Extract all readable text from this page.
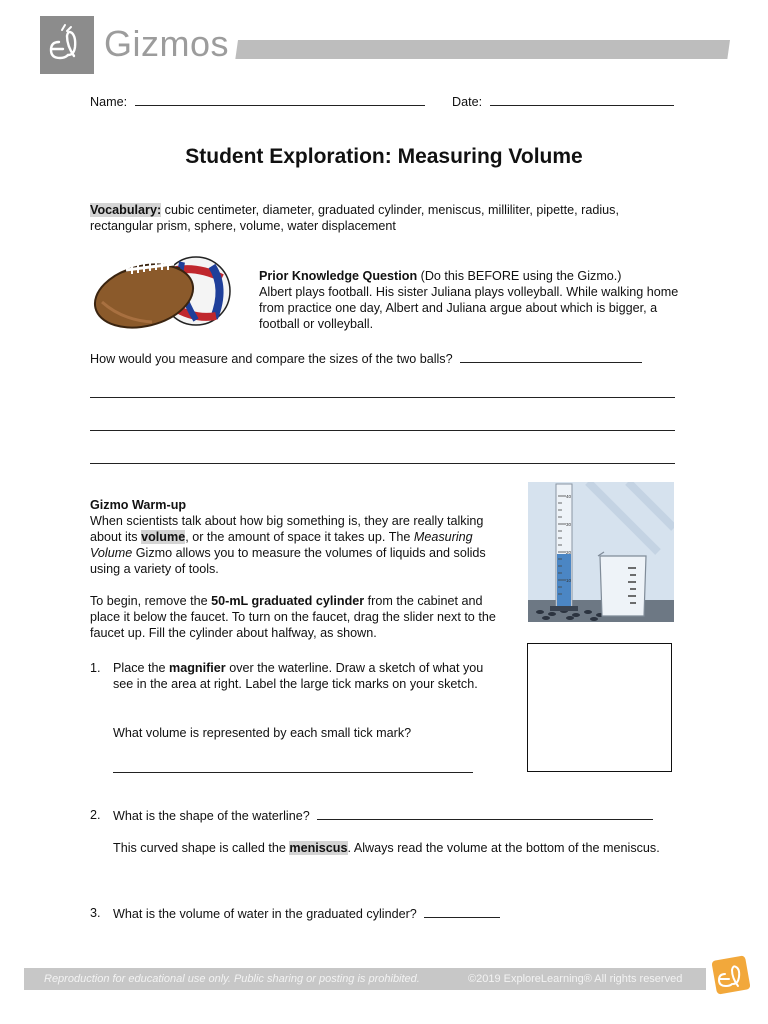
Gizmos
Name:	Date:
Student Exploration: Measuring Volume
Vocabulary: cubic centimeter, diameter, graduated cylinder, meniscus, milliliter, pipette, radius, rectangular prism, sphere, volume, water displacement
Prior Knowledge Question (Do this BEFORE using the Gizmo.)
Albert plays football. His sister Juliana plays volleyball. While walking home from practice one day, Albert and Juliana argue about which is bigger, a football or volleyball.
How would you measure and compare the sizes of the two balls?
Gizmo Warm-up
When scientists talk about how big something is, they are really talking about its volume, or the amount of space it takes up. The Measuring Volume Gizmo allows you to measure the volumes of liquids and solids using a variety of tools.
To begin, remove the 50-mL graduated cylinder from the cabinet and place it below the faucet. To turn on the faucet, drag the slider next to the faucet up. Fill the cylinder about halfway, as shown.
40
30
20
10
1. Place the magnifier over the waterline. Draw a sketch of what you see in the area at right. Label the large tick marks on your sketch.
What volume is represented by each small tick mark?
2. What is the shape of the waterline?
This curved shape is called the meniscus. Always read the volume at the bottom of the meniscus.
3. What is the volume of water in the graduated cylinder?
Reproduction for educational use only. Public sharing or posting is prohibited.	©2019 ExploreLearning® All rights reserved
